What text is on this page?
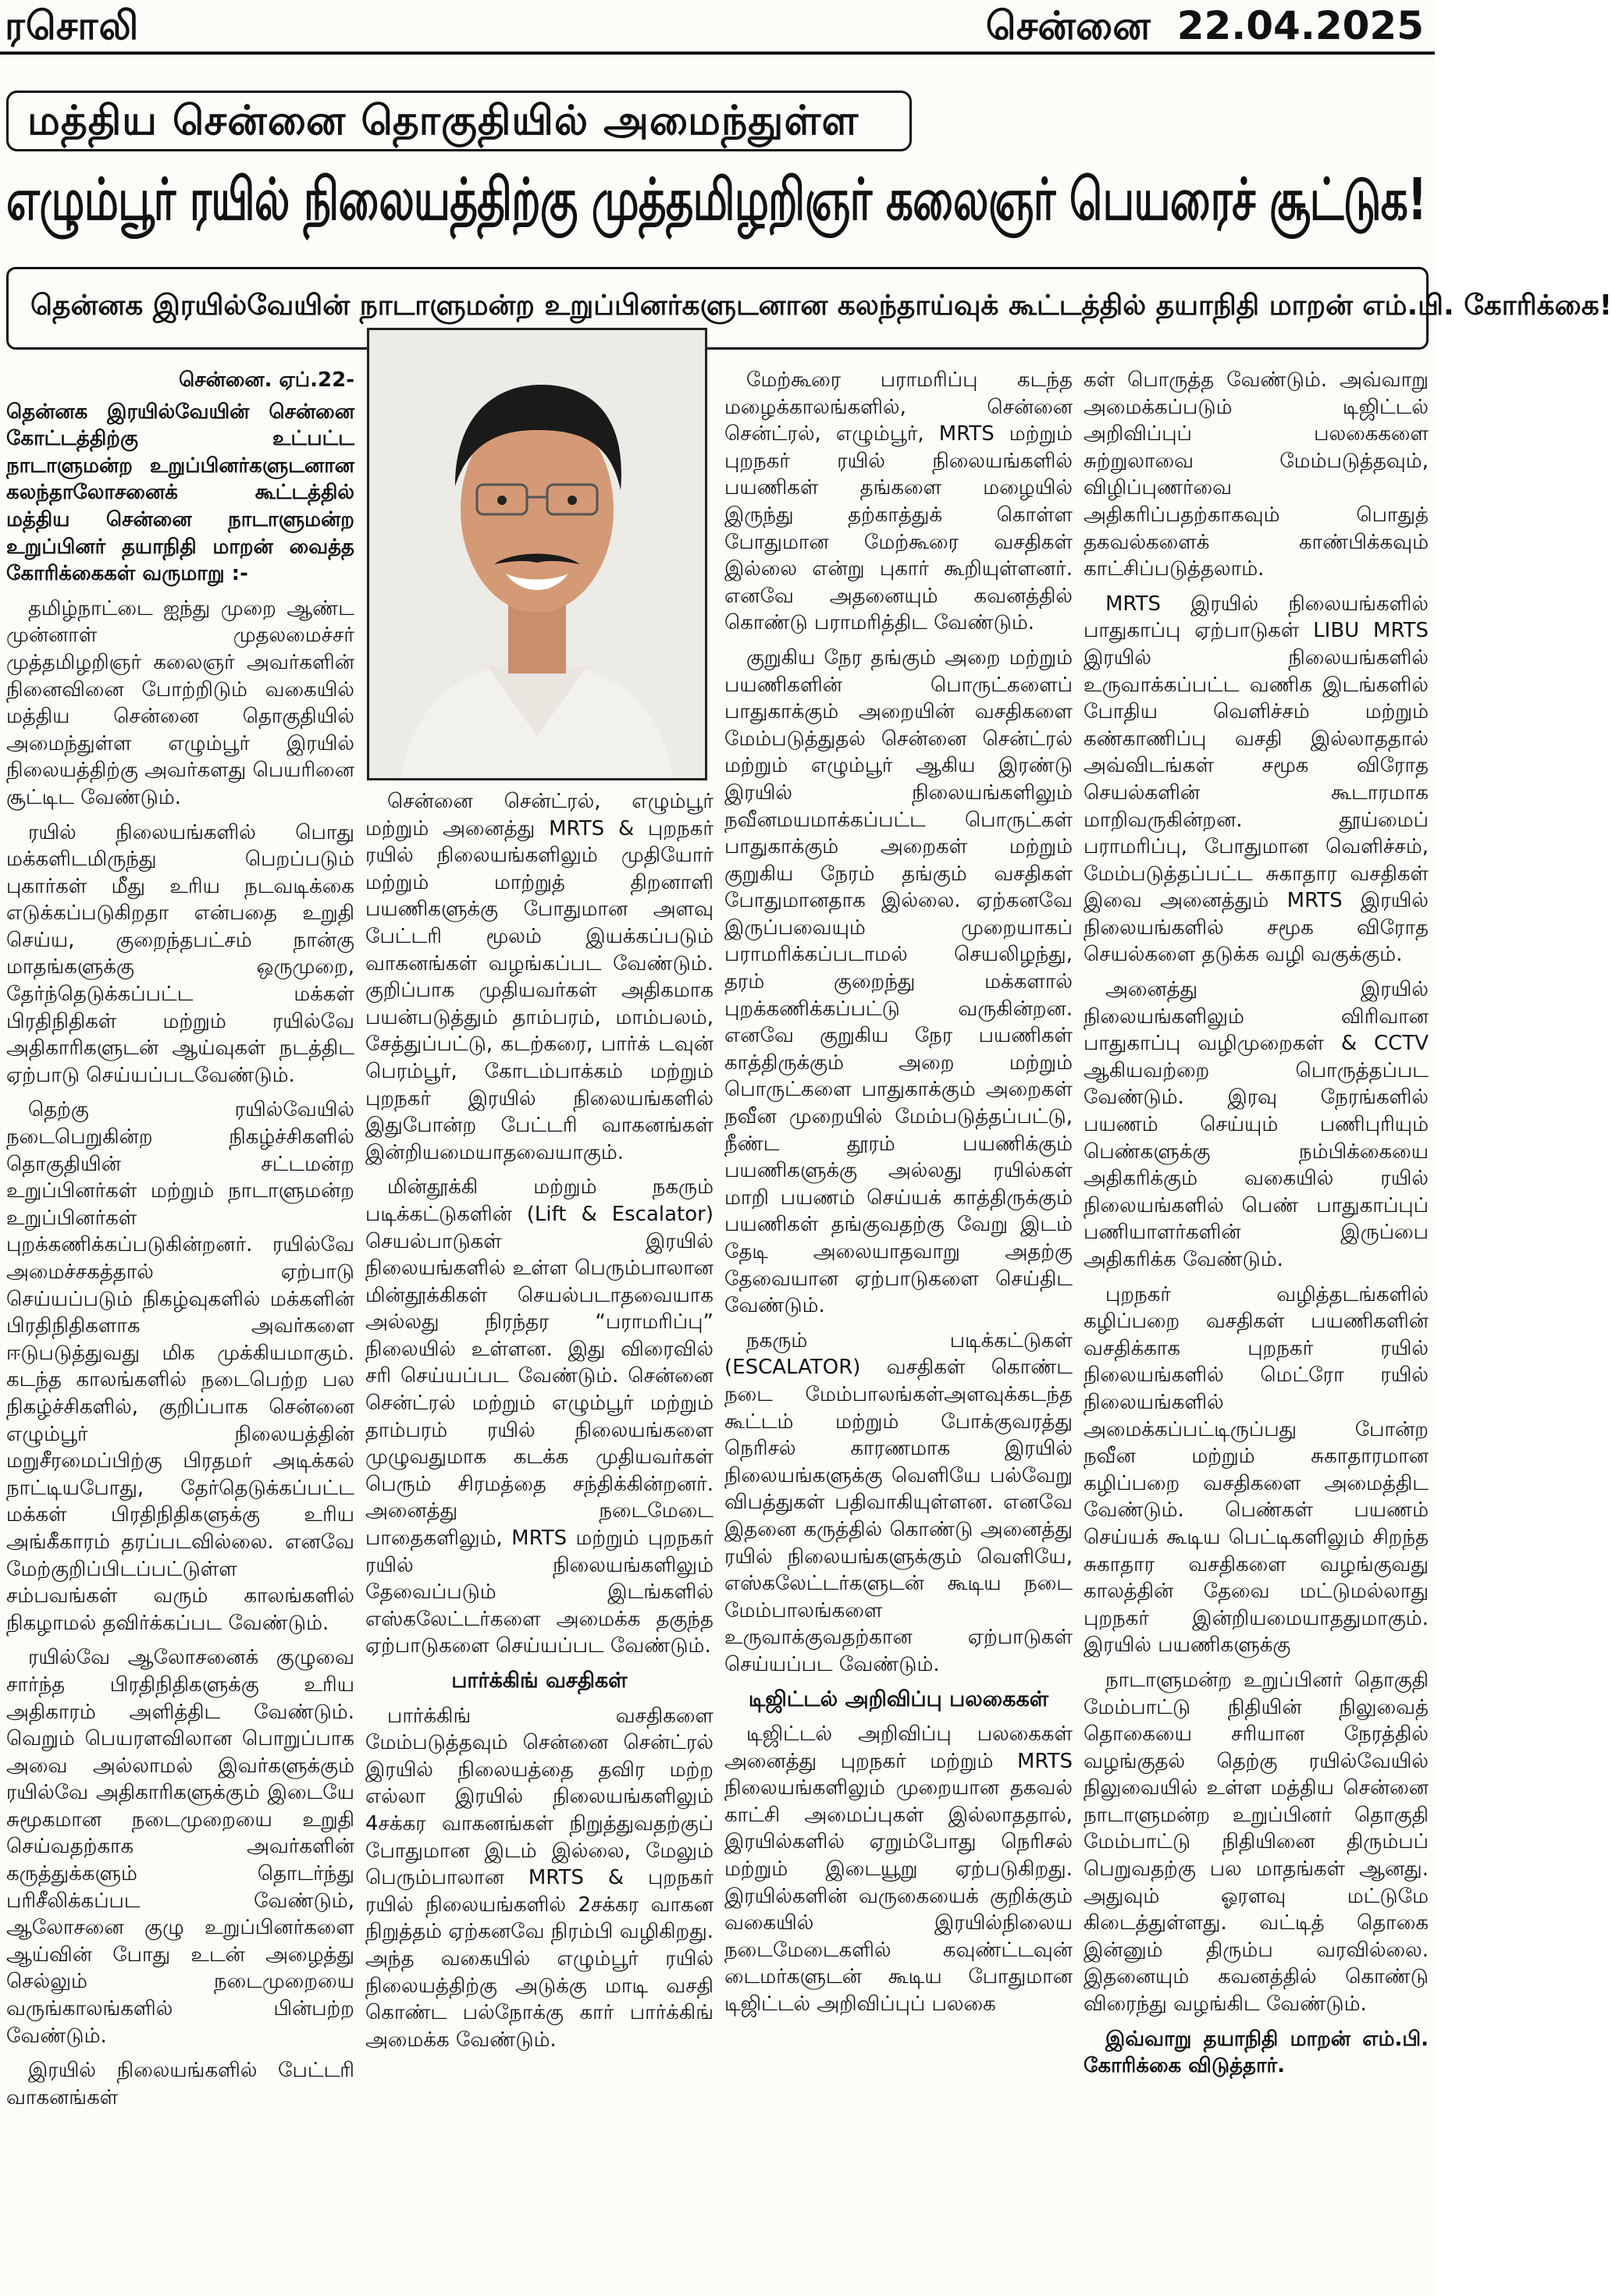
ரசொலி	சென்னை 22.04.2025
மத்திய சென்னை தொகுதியில் அமைந்துள்ள
எழும்பூர் ரயில் நிலையத்திற்கு முத்தமிழறிஞர் கலைஞர் பெயரைச் சூட்டுக!
தென்னக இரயில்வேயின் நாடாளுமன்ற உறுப்பினர்களுடனான கலந்தாய்வுக் கூட்டத்தில் தயாநிதி மாறன் எம்.பி. கோரிக்கை!
சென்னை. ஏப்.22-

தென்னக இரயில்வேயின் சென்னை கோட்டத்திற்கு உட்பட்ட நாடாளுமன்ற உறுப்பினர்களுடனான கலந்தாலோசனைக் கூட்டத்தில் மத்திய சென்னை நாடாளுமன்ற உறுப்பினர் தயாநிதி மாறன் வைத்த கோரிக்கைகள் வருமாறு :-

தமிழ்நாட்டை ஐந்து முறை ஆண்ட முன்னாள் முதலமைச்சர் முத்தமிழறிஞர் கலைஞர் அவர்களின் நினைவினை போற்றிடும் வகையில் மத்திய சென்னை தொகுதியில் அமைந்துள்ள எழும்பூர் இரயில் நிலையத்திற்கு அவர்களது பெயரினை சூட்டிட வேண்டும்.

ரயில் நிலையங்களில் பொது மக்களிடமிருந்து பெறப்படும் புகார்கள் மீது உரிய நடவடிக்கை எடுக்கப்படுகிறதா என்பதை உறுதி செய்ய, குறைந்தபட்சம் நான்கு மாதங்களுக்கு ஒருமுறை, தேர்ந்தெடுக்கப்பட்ட மக்கள் பிரதிநிதிகள் மற்றும் ரயில்வே அதிகாரிகளுடன் ஆய்வுகள் நடத்திட ஏற்பாடு செய்யப்படவேண்டும்.

தெற்கு ரயில்வேயில் நடைபெறுகின்ற நிகழ்ச்சிகளில் தொகுதியின் சட்டமன்ற உறுப்பினர்கள் மற்றும் நாடாளுமன்ற உறுப்பினர்கள் புறக்கணிக்கப்படுகின்றனர். ரயில்வே அமைச்சகத்தால் ஏற்பாடு செய்யப்படும் நிகழ்வுகளில் மக்களின் பிரதிநிதிகளாக அவர்களை ஈடுபடுத்துவது மிக முக்கியமாகும். கடந்த காலங்களில் நடைபெற்ற பல நிகழ்ச்சிகளில், குறிப்பாக சென்னை எழும்பூர் நிலையத்தின் மறுசீரமைப்பிற்கு பிரதமர் அடிக்கல் நாட்டியபோது, தேர்தெடுக்கப்பட்ட மக்கள் பிரதிநிதிகளுக்கு உரிய அங்கீகாரம் தரப்படவில்லை. எனவே மேற்குறிப்பிடப்பட்டுள்ள சம்பவங்கள் வரும் காலங்களில் நிகழாமல் தவிர்க்கப்பட வேண்டும்.

ரயில்வே ஆலோசனைக் குழுவை சார்ந்த பிரதிநிதிகளுக்கு உரிய அதிகாரம் அளித்திட வேண்டும். வெறும் பெயரளவிலான பொறுப்பாக அவை அல்லாமல் இவர்களுக்கும் ரயில்வே அதிகாரிகளுக்கும் இடையே சுமூகமான நடைமுறையை உறுதி செய்வதற்காக அவர்களின் கருத்துக்களும் தொடர்ந்து பரிசீலிக்கப்பட வேண்டும், ஆலோசனை குழு உறுப்பினர்களை ஆய்வின் போது உடன் அழைத்து செல்லும் நடைமுறையை வருங்காலங்களில் பின்பற்ற வேண்டும்.

இரயில் நிலையங்களில் பேட்டரி வாகனங்கள்

சென்னை சென்ட்ரல், எழும்பூர் மற்றும் அனைத்து MRTS & புறநகர் ரயில் நிலையங்களிலும் முதியோர் மற்றும் மாற்றுத் திறனாளி பயணிகளுக்கு போதுமான அளவு பேட்டரி மூலம் இயக்கப்படும் வாகனங்கள் வழங்கப்பட வேண்டும். குறிப்பாக முதியவர்கள் அதிகமாக பயன்படுத்தும் தாம்பரம், மாம்பலம், சேத்துப்பட்டு, கடற்கரை, பார்க் டவுன் பெரம்பூர், கோடம்பாக்கம் மற்றும் புறநகர் இரயில் நிலையங்களில் இதுபோன்ற பேட்டரி வாகனங்கள் இன்றியமையாதவையாகும்.

மின்தூக்கி மற்றும் நகரும் படிக்கட்டுகளின் (Lift & Escalator) செயல்பாடுகள் இரயில் நிலையங்களில் உள்ள பெரும்பாலான மின்தூக்கிகள் செயல்படாதவையாக அல்லது நிரந்தர “பராமரிப்பு” நிலையில் உள்ளன. இது விரைவில் சரி செய்யப்பட வேண்டும். சென்னை சென்ட்ரல் மற்றும் எழும்பூர் மற்றும் தாம்பரம் ரயில் நிலையங்களை முழுவதுமாக கடக்க முதியவர்கள் பெரும் சிரமத்தை சந்திக்கின்றனர். அனைத்து நடைமேடை பாதைகளிலும், MRTS மற்றும் புறநகர் ரயில் நிலையங்களிலும் தேவைப்படும் இடங்களில் எஸ்கலேட்டர்களை அமைக்க தகுந்த ஏற்பாடுகளை செய்யப்பட வேண்டும்.

பார்க்கிங் வசதிகள்

பார்க்கிங் வசதிகளை மேம்படுத்தவும் சென்னை சென்ட்ரல் இரயில் நிலையத்தை தவிர மற்ற எல்லா இரயில் நிலையங்களிலும் 4சக்கர வாகனங்கள் நிறுத்துவதற்குப் போதுமான இடம் இல்லை, மேலும் பெரும்பாலான MRTS & புறநகர் ரயில் நிலையங்களில் 2சக்கர வாகன நிறுத்தம் ஏற்கனவே நிரம்பி வழிகிறது. அந்த வகையில் எழும்பூர் ரயில் நிலையத்திற்கு அடுக்கு மாடி வசதி கொண்ட பல்நோக்கு கார் பார்க்கிங் அமைக்க வேண்டும்.

மேற்கூரை பராமரிப்பு கடந்த மழைக்காலங்களில், சென்னை சென்ட்ரல், எழும்பூர், MRTS மற்றும் புறநகர் ரயில் நிலையங்களில் பயணிகள் தங்களை மழையில் இருந்து தற்காத்துக் கொள்ள போதுமான மேற்கூரை வசதிகள் இல்லை என்று புகார் கூறியுள்ளனர். எனவே அதனையும் கவனத்தில் கொண்டு பராமரித்திட வேண்டும்.

குறுகிய நேர தங்கும் அறை மற்றும் பயணிகளின் பொருட்களைப் பாதுகாக்கும் அறையின் வசதிகளை மேம்படுத்துதல் சென்னை சென்ட்ரல் மற்றும் எழும்பூர் ஆகிய இரண்டு இரயில் நிலையங்களிலும் நவீனமயமாக்கப்பட்ட பொருட்கள் பாதுகாக்கும் அறைகள் மற்றும் குறுகிய நேரம் தங்கும் வசதிகள் போதுமானதாக இல்லை. ஏற்கனவே இருப்பவையும் முறையாகப் பராமரிக்கப்படாமல் செயலிழந்து, தரம் குறைந்து மக்களால் புறக்கணிக்கப்பட்டு வருகின்றன. எனவே குறுகிய நேர பயணிகள் காத்திருக்கும் அறை மற்றும் பொருட்களை பாதுகாக்கும் அறைகள் நவீன முறையில் மேம்படுத்தப்பட்டு, நீண்ட தூரம் பயணிக்கும் பயணிகளுக்கு அல்லது ரயில்கள் மாறி பயணம் செய்யக் காத்திருக்கும் பயணிகள் தங்குவதற்கு வேறு இடம் தேடி அலையாதவாறு அதற்கு தேவையான ஏற்பாடுகளை செய்திட வேண்டும்.

நகரும் படிக்கட்டுகள் (ESCALATOR) வசதிகள் கொண்ட நடை மேம்பாலங்கள்அளவுக்கடந்த கூட்டம் மற்றும் போக்குவரத்து நெரிசல் காரணமாக இரயில் நிலையங்களுக்கு வெளியே பல்வேறு விபத்துகள் பதிவாகியுள்ளன. எனவே இதனை கருத்தில் கொண்டு அனைத்து ரயில் நிலையங்களுக்கும் வெளியே, எஸ்கலேட்டர்களுடன் கூடிய நடை மேம்பாலங்களை உருவாக்குவதற்கான ஏற்பாடுகள் செய்யப்பட வேண்டும்.

டிஜிட்டல் அறிவிப்பு பலகைகள்

டிஜிட்டல் அறிவிப்பு பலகைகள் அனைத்து புறநகர் மற்றும் MRTS நிலையங்களிலும் முறையான தகவல் காட்சி அமைப்புகள் இல்லாததால், இரயில்களில் ஏறும்போது நெரிசல் மற்றும் இடையூறு ஏற்படுகிறது. இரயில்களின் வருகையைக் குறிக்கும் வகையில் இரயில்நிலைய நடைமேடைகளில் கவுண்ட்டவுன் டைமர்களுடன் கூடிய போதுமான டிஜிட்டல் அறிவிப்புப் பலகை

கள் பொருத்த வேண்டும். அவ்வாறு அமைக்கப்படும் டிஜிட்டல் அறிவிப்புப் பலகைகளை சுற்றுலாவை மேம்படுத்தவும், விழிப்புணர்வை அதிகரிப்பதற்காகவும் பொதுத் தகவல்களைக் காண்பிக்கவும் காட்சிப்படுத்தலாம்.

MRTS இரயில் நிலையங்களில் பாதுகாப்பு ஏற்பாடுகள் LIBU MRTS இரயில் நிலையங்களில் உருவாக்கப்பட்ட வணிக இடங்களில் போதிய வெளிச்சம் மற்றும் கண்காணிப்பு வசதி இல்லாததால் அவ்விடங்கள் சமூக விரோத செயல்களின் கூடாரமாக மாறிவருகின்றன. தூய்மைப் பராமரிப்பு, போதுமான வெளிச்சம், மேம்படுத்தப்பட்ட சுகாதார வசதிகள் இவை அனைத்தும் MRTS இரயில் நிலையங்களில் சமூக விரோத செயல்களை தடுக்க வழி வகுக்கும்.

அனைத்து இரயில் நிலையங்களிலும் விரிவான பாதுகாப்பு வழிமுறைகள் & CCTV ஆகியவற்றை பொருத்தப்பட வேண்டும். இரவு நேரங்களில் பயணம் செய்யும் பணிபுரியும் பெண்களுக்கு நம்பிக்கையை அதிகரிக்கும் வகையில் ரயில் நிலையங்களில் பெண் பாதுகாப்புப் பணியாளர்களின் இருப்பை அதிகரிக்க வேண்டும்.

புறநகர் வழித்தடங்களில் கழிப்பறை வசதிகள் பயணிகளின் வசதிக்காக புறநகர் ரயில் நிலையங்களில் மெட்ரோ ரயில் நிலையங்களில் அமைக்கப்பட்டிருப்பது போன்ற நவீன மற்றும் சுகாதாரமான கழிப்பறை வசதிகளை அமைத்திட வேண்டும். பெண்கள் பயணம் செய்யக் கூடிய பெட்டிகளிலும் சிறந்த சுகாதார வசதிகளை வழங்குவது காலத்தின் தேவை மட்டுமல்லாது புறநகர் இன்றியமையாததுமாகும். இரயில் பயணிகளுக்கு

நாடாளுமன்ற உறுப்பினர் தொகுதி மேம்பாட்டு நிதியின் நிலுவைத் தொகையை சரியான நேரத்தில் வழங்குதல் தெற்கு ரயில்வேயில் நிலுவையில் உள்ள மத்திய சென்னை நாடாளுமன்ற உறுப்பினர் தொகுதி மேம்பாட்டு நிதியினை திரும்பப் பெறுவதற்கு பல மாதங்கள் ஆனது. அதுவும் ஓரளவு மட்டுமே கிடைத்துள்ளது. வட்டித் தொகை இன்னும் திரும்ப வரவில்லை. இதனையும் கவனத்தில் கொண்டு விரைந்து வழங்கிட வேண்டும்.

இவ்வாறு தயாநிதி மாறன் எம்.பி. கோரிக்கை விடுத்தார்.
